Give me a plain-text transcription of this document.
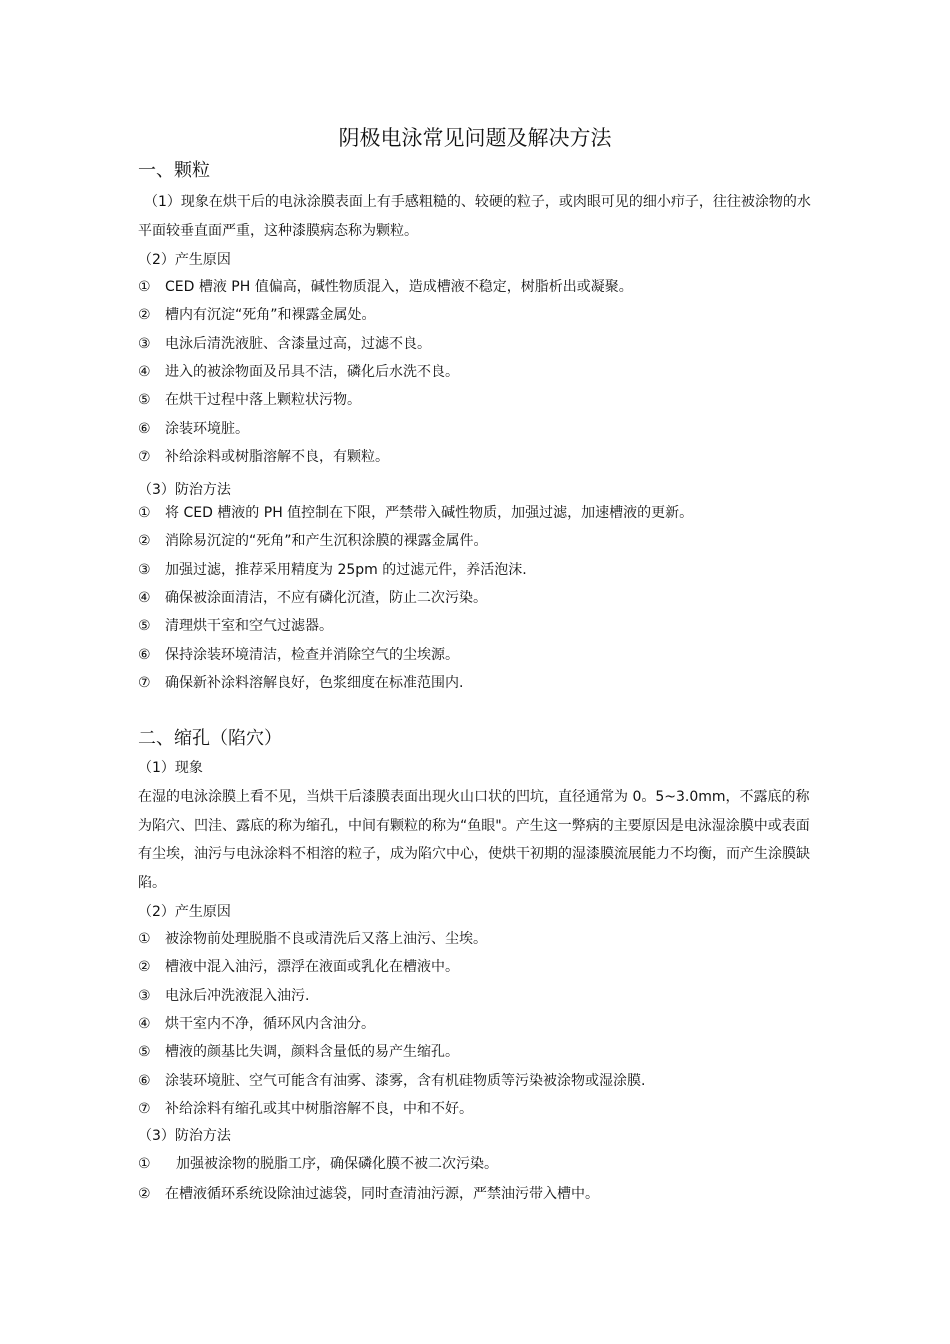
阴极电泳常见问题及解决方法

一、颗粒

（1）现象在烘干后的电泳涂膜表面上有手感粗糙的、较硬的粒子，或肉眼可见的细小疖子，往往被涂物的水平面较垂直面严重，这种漆膜病态称为颗粒。

（2）产生原因

①	CED 槽液 PH 值偏高，碱性物质混入，造成槽液不稳定，树脂析出或凝聚。
②	槽内有沉淀“死角”和裸露金属处。
③	电泳后清洗液脏、含漆量过高，过滤不良。
④	进入的被涂物面及吊具不洁，磷化后水洗不良。
⑤	在烘干过程中落上颗粒状污物。
⑥	涂装环境脏。
⑦	补给涂料或树脂溶解不良，有颗粒。

（3）防治方法

①	将 CED 槽液的 PH 值控制在下限，严禁带入碱性物质，加强过滤，加速槽液的更新。
②	消除易沉淀的“死角”和产生沉积涂膜的裸露金属件。
③	加强过滤，推荐采用精度为 25pm 的过滤元件，养活泡沫.
④	确保被涂面清洁，不应有磷化沉渣，防止二次污染。
⑤	清理烘干室和空气过滤器。
⑥	保持涂装环境清洁，检查并消除空气的尘埃源。
⑦	确保新补涂料溶解良好，色浆细度在标准范围内.

二、缩孔（陷穴）

（1）现象

在湿的电泳涂膜上看不见，当烘干后漆膜表面出现火山口状的凹坑，直径通常为 0。5~3.0mm，不露底的称为陷穴、凹洼、露底的称为缩孔，中间有颗粒的称为“鱼眼"。产生这一弊病的主要原因是电泳湿涂膜中或表面有尘埃，油污与电泳涂料不相溶的粒子，成为陷穴中心，使烘干初期的湿漆膜流展能力不均衡，而产生涂膜缺陷。

（2）产生原因

①	被涂物前处理脱脂不良或清洗后又落上油污、尘埃。
②	槽液中混入油污，漂浮在液面或乳化在槽液中。
③	电泳后冲洗液混入油污.
④	烘干室内不净，循环风内含油分。
⑤	槽液的颜基比失调，颜料含量低的易产生缩孔。
⑥	涂装环境脏、空气可能含有油雾、漆雾，含有机硅物质等污染被涂物或湿涂膜.
⑦	补给涂料有缩孔或其中树脂溶解不良，中和不好。

（3）防治方法

①	加强被涂物的脱脂工序，确保磷化膜不被二次污染。
②	在槽液循环系统设除油过滤袋，同时查清油污源，严禁油污带入槽中。
